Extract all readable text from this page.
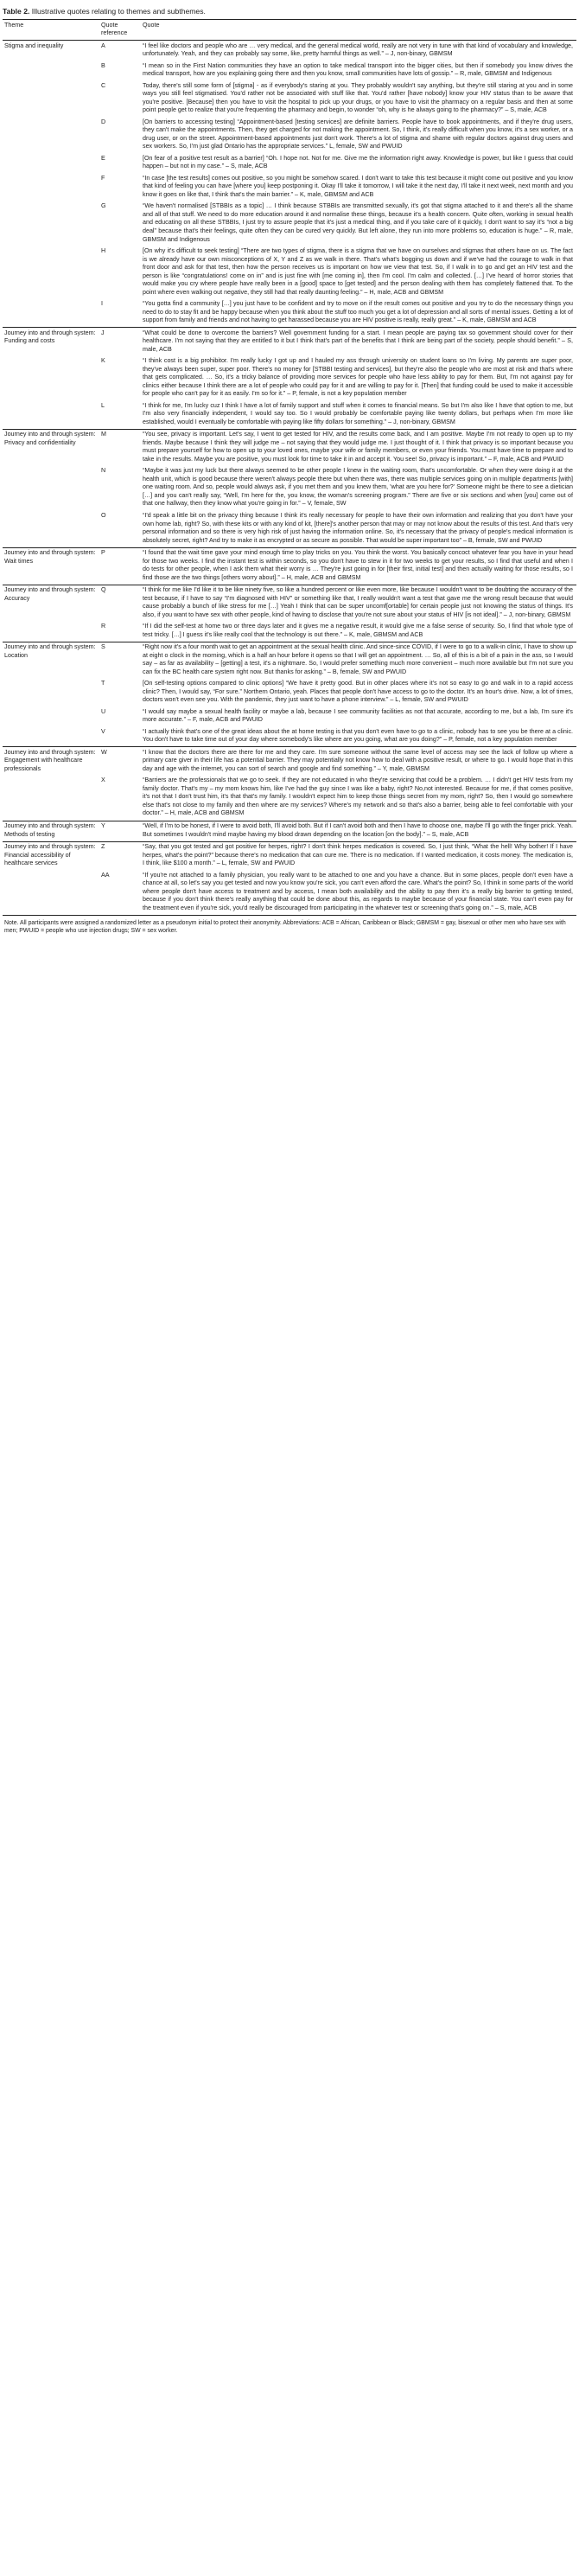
Table 2. Illustrative quotes relating to themes and subthemes.
Theme	Quote reference	Quote
Stigma and inequality	A	“I feel like doctors and people who are … very medical, and the general medical world, really are not very in tune with that kind of vocabulary and knowledge, unfortunately. Yeah, and they can probably say some, like, pretty harmful things as well.” – J, non-binary, GBMSM
	B	“I mean so in the First Nation communities they have an option to take medical transport into the bigger cities, but then if somebody you know drives the medical transport, how are you explaining going there and then you know, small communities have lots of gossip.” – R, male, GBMSM and Indigenous
	C	Today, there's still some form of [stigma] - as if everybody's staring at you. They probably wouldn't say anything, but they're still staring at you and in some ways you still feel stigmatised. You'd rather not be associated with stuff like that. You'd rather [have nobody] know your HIV status than to be aware that you're positive. [Because] then you have to visit the hospital to pick up your drugs, or you have to visit the pharmacy on a regular basis and then at some point people get to realize that you're frequenting the pharmacy and begin, to wonder “oh, why is he always going to the pharmacy?” – S, male, ACB
	D	[On barriers to accessing testing] “Appointment-based [testing services] are definite barriers. People have to book appointments, and if they're drug users, they can't make the appointments. Then, they get charged for not making the appointment. So, I think, it's really difficult when you know, it's a sex worker, or a drug user, or on the street. Appointment-based appointments just don't work. There's a lot of stigma and shame with regular doctors against drug users and sex workers. So, I'm just glad Ontario has the appropriate services.” L, female, SW and PWUID
	E	[On fear of a positive test result as a barrier] “Oh. I hope not. Not for me. Give me the information right away. Knowledge is power, but like I guess that could happen – but not in my case.” – S, male, ACB
	F	“In case [the test results] comes out positive, so you might be somehow scared. I don't want to take this test because it might come out positive and you know that kind of feeling you can have [where you] keep postponing it. Okay I'll take it tomorrow, I will take it the next day, I'll take it next week, next month and you know it goes on like that, I think that's the main barrier.” – K, male, GBMSM and ACB
	G	“We haven't normalised [STBBIs as a topic] … I think because STBBIs are transmitted sexually, it's got that stigma attached to it and there's all the shame and all of that stuff. We need to do more education around it and normalise these things, because it's a health concern. Quite often, working in sexual health and educating on all these STBBIs, I just try to assure people that it's just a medical thing, and if you take care of it quickly, I don't want to say it's “not a big deal” because that's their feelings, quite often they can be cured very quickly. But left alone, they run into more problems so, education is huge.” – R, male, GBMSM and Indigenous
	H	[On why it's difficult to seek testing] “There are two types of stigma, there is a stigma that we have on ourselves and stigmas that others have on us. The fact is we already have our own misconceptions of X, Y and Z as we walk in there. That's what's bogging us down and if we've had the courage to walk in that front door and ask for that test, then how the person receives us is important on how we view that test. So, if I walk in to go and get an HIV test and the person is like “congratulations! come on in” and is just fine with [me coming in], then I'm cool. I'm calm and collected. […] I've heard of horror stories that would make you cry where people have really been in a [good] space to [get tested] and the person dealing with them has completely flattened that. To the point where even walking out negative, they still had that really daunting feeling.” – H, male, ACB and GBMSM
	I	“You gotta find a community […] you just have to be confident and try to move on if the result comes out positive and you try to do the necessary things you need to do to stay fit and be happy because when you think about the stuff too much you get a lot of depression and all sorts of mental issues. Getting a lot of support from family and friends and not having to get harassed because you are HIV positive is really, really great.” – K, male, GBMSM and ACB
Journey into and through system: Funding and costs	J	“What could be done to overcome the barriers? Well government funding for a start. I mean people are paying tax so government should cover for their healthcare. I'm not saying that they are entitled to it but I think that's part of the benefits that I think are being part of the society, people should benefit.” – S, male, ACB
	K	“I think cost is a big prohibitor. I'm really lucky I got up and I hauled my ass through university on student loans so I'm living. My parents are super poor, they've always been super, super poor. There's no money for [STBBI testing and services], but they're also the people who are most at risk and that's where that gets complicated. … So, it's a tricky balance of providing more services for people who have less ability to pay for them. But, I'm not against pay for clinics either because I think there are a lot of people who could pay for it and are willing to pay for it. [Then] that funding could be used to make it accessible for people who can't pay for it as easily. I'm so for it.” – P, female, is not a key population member
	L	“I think for me, I'm lucky cuz I think I have a lot of family support and stuff when it comes to financial means. So but I'm also like I have that option to me, but I'm also very financially independent, I would say too. So I would probably be comfortable paying like twenty dollars, but perhaps when I'm more like established, would I eventually be comfortable with paying like fifty dollars for something.” – J, non-binary, GBMSM
Journey into and through system: Privacy and confidentiality	M	“You see, privacy is important. Let's say, I went to get tested for HIV, and the results come back, and I am positive. Maybe I'm not ready to open up to my friends. Maybe because I think they will judge me – not saying that they would judge me. I just thought of it. I think that privacy is so important because you must prepare yourself for how to open up to your loved ones, maybe your wife or family members, or even your friends. You must have time to prepare and to take in the results. Maybe you are positive, you must look for time to take it in and accept it. You see! So, privacy is important.” – F, male, ACB and PWUID
	N	“Maybe it was just my luck but there always seemed to be other people I knew in the waiting room, that's uncomfortable. Or when they were doing it at the health unit, which is good because there weren't always people there but when there was, there was multiple services going on in multiple departments [with] one waiting room. And so, people would always ask, if you met them and you knew them, 'what are you here for?' Someone might be there to see a dietician […] and you can't really say, “Well, I'm here for the, you know, the woman's screening program.” There are five or six sections and when [you] come out of that one hallway, then they know what you're going in for.” – V, female, SW
	O	“I'd speak a little bit on the privacy thing because I think it's really necessary for people to have their own information and realizing that you don't have your own home lab, right? So, with these kits or with any kind of kit, [there]'s another person that may or may not know about the results of this test. And that's very personal information and so there is very high risk of just having the information online. So, it's necessary that the privacy of people's medical information is absolutely secret, right? And try to make it as encrypted or as secure as possible. That would be super important too” – B, female, SW and PWUID
Journey into and through system: Wait times	P	“I found that the wait time gave your mind enough time to play tricks on you. You think the worst. You basically concoct whatever fear you have in your head for those two weeks. I find the instant test is within seconds, so you don't have to stew in it for two weeks to get your results, so I find that useful and when I do tests for other people, when I ask them what their worry is … They're just going in for [their first, initial test] and then actually waiting for those results, so I find those are the two things [others worry about].” – H, male, ACB and GBMSM
Journey into and through system: Accuracy	Q	“I think for me like I'd like it to be like ninety five, so like a hundred percent or like even more, like because I wouldn't want to be doubting the accuracy of the test because, if I have to say “I'm diagnosed with HIV” or something like that, I really wouldn't want a test that gave me the wrong result because that would cause probably a bunch of like stress for me […] Yeah I think that can be super uncomf[ortable] for certain people just not knowing the status of things. It's also, if you want to have sex with other people, kind of having to disclose that you're not sure about your status of HIV [is not ideal].” – J, non-binary, GBMSM
	R	“If I did the self-test at home two or three days later and it gives me a negative result, it would give me a false sense of security. So, I find that whole type of test tricky. […] I guess it's like really cool that the technology is out there.” – K, male, GBMSM and ACB
Journey into and through system: Location	S	“Right now it's a four month wait to get an appointment at the sexual health clinic. And since-since COVID, if I were to go to a walk-in clinic, I have to show up at eight o clock in the morning, which is a half an hour before it opens so that I will get an appointment. … So, all of this is a bit of a pain in the ass, so I would say – as far as availability – [getting] a test, it's a nightmare. So, I would prefer something much more convenient – much more available but I'm not sure you can fix the BC health care system right now. But thanks for asking.” – B, female, SW and PWUID
	T	[On self-testing options compared to clinic options] “We have it pretty good. But in other places where it's not so easy to go and walk in to a rapid access clinic? Then, I would say, “For sure.” Northern Ontario, yeah. Places that people don't have access to go to the doctor. It's an hour's drive. Now, a lot of times, doctors won't even see you. With the pandemic, they just want to have a phone interview.” – L, female, SW and PWUID
	U	“I would say maybe a sexual health facility or maybe a lab, because I see community facilities as not that accurate, according to me, but a lab, I'm sure it's more accurate.” – F, male, ACB and PWUID
	V	“I actually think that's one of the great ideas about the at home testing is that you don't even have to go to a clinic, nobody has to see you be there at a clinic. You don't have to take time out of your day where somebody's like where are you going, what are you doing?” – P, female, not a key population member
Journey into and through system: Engagement with healthcare professionals	W	“I know that the doctors there are there for me and they care. I'm sure someone without the same level of access may see the lack of follow up where a primary care giver in their life has a potential barrier. They may potentially not know how to deal with a positive result, or where to go. I would hope that in this day and age with the internet, you can sort of search and google and find something.” – Y, male, GBMSM
	X	“Barriers are the professionals that we go to seek. If they are not educated in who they're servicing that could be a problem. … I didn't get HIV tests from my family doctor. That's my – my mom knows him, like I've had the guy since I was like a baby, right? No,not interested. Because for me, if that comes positive, it's not that I don't trust him, it's that that's my family. I wouldn't expect him to keep those things secret from my mom, right? So, then I would go somewhere else that's not close to my family and then where are my services? Where's my network and so that's also a barrier, being able to feel comfortable with your doctor.” – H, male, ACB and GBMSM
Journey into and through system: Methods of testing	Y	“Well, if I'm to be honest, if I were to avoid both, I'll avoid both. But if I can't avoid both and then I have to choose one, maybe I'll go with the finger prick. Yeah. But sometimes I wouldn't mind maybe having my blood drawn depending on the location [on the body].” – S, male, ACB
Journey into and through system: Financial accessibility of healthcare services	Z	“Say, that you got tested and got positive for herpes, right? I don't think herpes medication is covered. So, I just think, “What the hell! Why bother! If I have herpes, what's the point?” because there's no medication that can cure me. There is no medication. If I wanted medication, it costs money. The medication is, I think, like $100 a month.” – L, female, SW and PWUID
	AA	“If you're not attached to a family physician, you really want to be attached to one and you have a chance. But in some places, people don't even have a chance at all, so let's say you get tested and now you know you're sick, you can't even afford the care. What's the point? So, I think in some parts of the world where people don't have access to treatment and by access, I mean both availability and the ability to pay then it's a really big barrier to getting tested, because if you don't think there's really anything that could be done about this, as regards to maybe because of your financial state. You can't even pay for the treatment even if you're sick, you'd really be discouraged from participating in the whatever test or screening that's going on.” – S, male, ACB
Note. All participants were assigned a randomized letter as a pseudonym initial to protect their anonymity. Abbreviations: ACB = African, Caribbean or Black; GBMSM = gay, bisexual or other men who have sex with men; PWUID = people who use injection drugs; SW = sex worker.
